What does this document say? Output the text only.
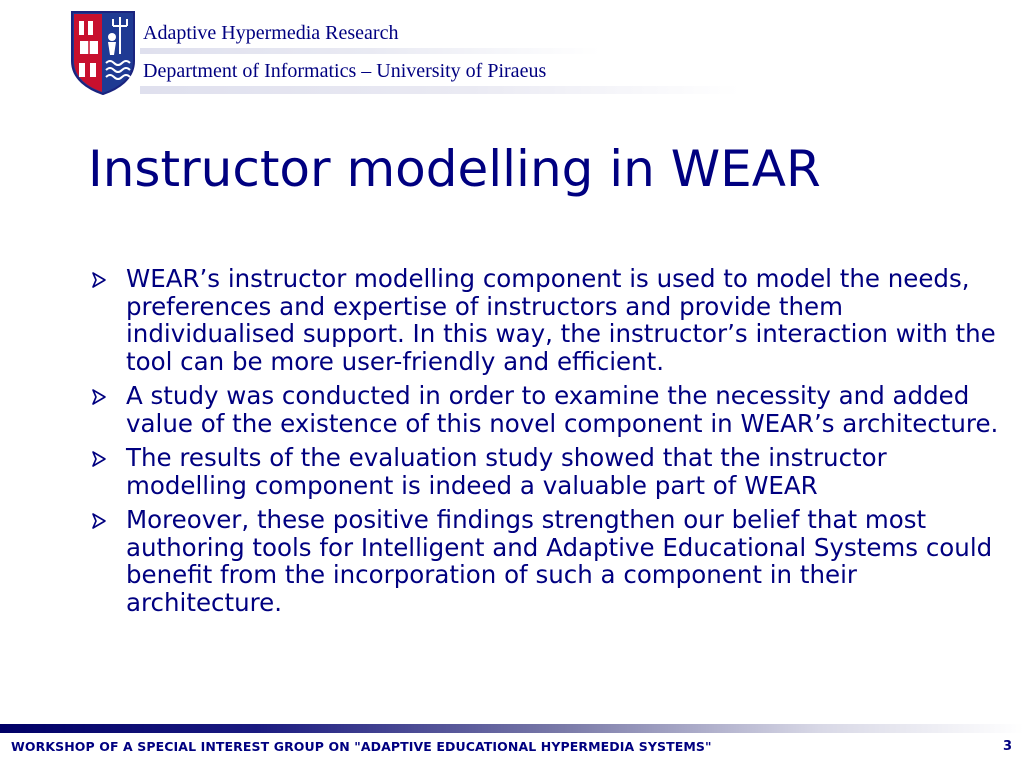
Adaptive Hypermedia Research
Department of Informatics – University of Piraeus
Instructor modelling in WEAR
WEAR’s instructor modelling component is used to model the needs, preferences and expertise of instructors and provide them individualised support. In this way, the instructor’s interaction with the tool can be more user-friendly and efficient.
A study was conducted in order to examine the necessity and added value of the existence of this novel component in WEAR’s architecture.
The results of the evaluation study showed that the instructor modelling component is indeed a valuable part of WEAR
Moreover, these positive findings strengthen our belief that most authoring tools for Intelligent and Adaptive Educational Systems could benefit from the incorporation of such a component in their architecture.
WORKSHOP OF A SPECIAL INTEREST GROUP ON "ADAPTIVE EDUCATIONAL HYPERMEDIA SYSTEMS"	3
